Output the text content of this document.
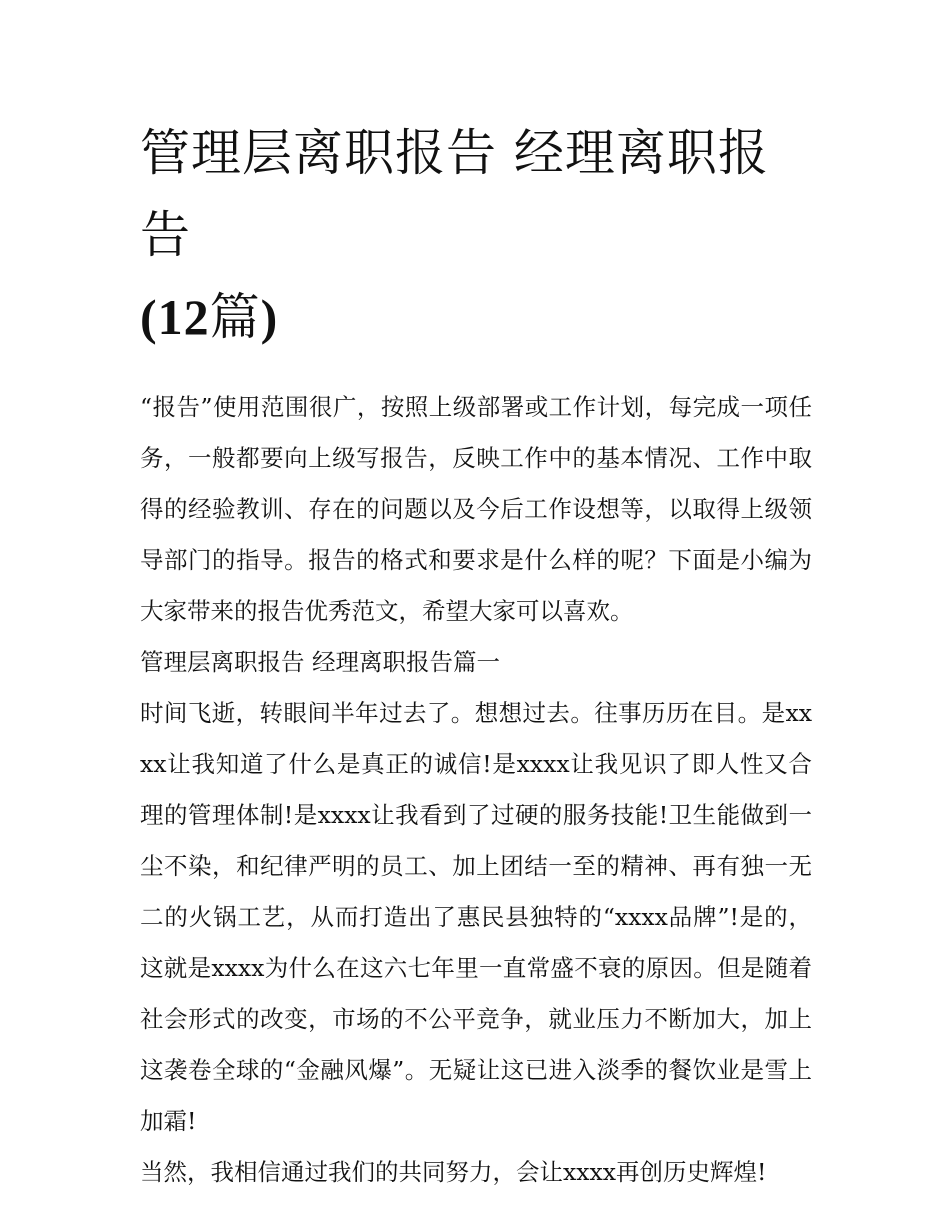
管理层离职报告 经理离职报告
(12篇)

“报告”使用范围很广，按照上级部署或工作计划，每完成一项任务，一般都要向上级写报告，反映工作中的基本情况、工作中取得的经验教训、存在的问题以及今后工作设想等，以取得上级领导部门的指导。报告的格式和要求是什么样的呢？下面是小编为大家带来的报告优秀范文，希望大家可以喜欢。

管理层离职报告 经理离职报告篇一

时间飞逝，转眼间半年过去了。想想过去。往事历历在目。是xxxx让我知道了什么是真正的诚信!是xxxx让我见识了即人性又合理的管理体制!是xxxx让我看到了过硬的服务技能!卫生能做到一尘不染，和纪律严明的员工、加上团结一至的精神、再有独一无二的火锅工艺，从而打造出了惠民县独特的“xxxx品牌”!是的，这就是xxxx为什么在这六七年里一直常盛不衰的原因。但是随着社会形式的改变，市场的不公平竞争，就业压力不断加大，加上这袭卷全球的“金融风爆”。无疑让这已进入淡季的餐饮业是雪上加霜!

当然，我相信通过我们的共同努力，会让xxxx再创历史辉煌!
